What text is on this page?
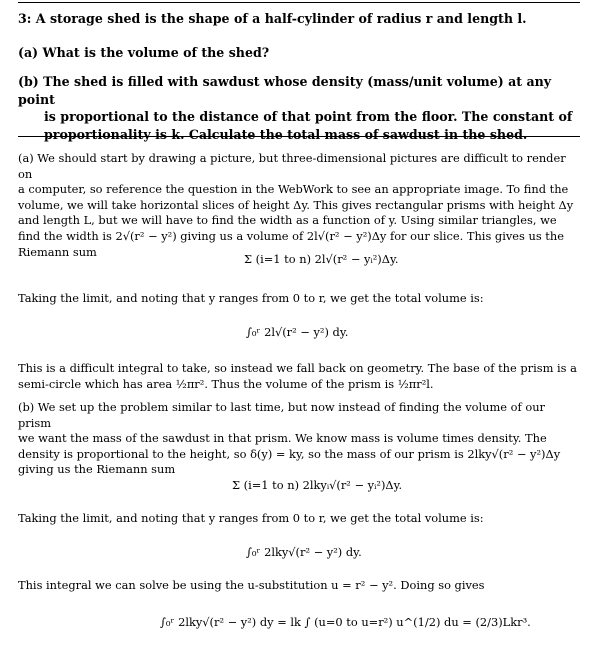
3: A storage shed is the shape of a half-cylinder of radius r and length l.
(a) What is the volume of the shed?
(b) The shed is filled with sawdust whose density (mass/unit volume) at any point
is proportional to the distance of that point from the floor. The constant of
proportionality is k. Calculate the total mass of sawdust in the shed.
(a) We should start by drawing a picture, but three-dimensional pictures are difficult to render on
a computer, so reference the question in the WebWork to see an appropriate image. To find the
volume, we will take horizontal slices of height Δy. This gives rectangular prisms with height Δy
and length L, but we will have to find the width as a function of y. Using similar triangles, we
find the width is 2√(r² − y²) giving us a volume of 2l√(r² − y²)Δy for our slice. This gives us the
Riemann sum
Σ (i=1 to n) 2l√(r² − yᵢ²)Δy.
Taking the limit, and noting that y ranges from 0 to r, we get the total volume is:
∫₀ʳ 2l√(r² − y²) dy.
This is a difficult integral to take, so instead we fall back on geometry. The base of the prism is a
semi-circle which has area ½πr². Thus the volume of the prism is ½πr²l.
(b) We set up the problem similar to last time, but now instead of finding the volume of our prism
we want the mass of the sawdust in that prism. We know mass is volume times density. The
density is proportional to the height, so δ(y) = ky, so the mass of our prism is 2lky√(r² − y²)Δy
giving us the Riemann sum
Σ (i=1 to n) 2lkyᵢ√(r² − yᵢ²)Δy.
Taking the limit, and noting that y ranges from 0 to r, we get the total volume is:
∫₀ʳ 2lky√(r² − y²) dy.
This integral we can solve be using the u-substitution u = r² − y². Doing so gives
∫₀ʳ 2lky√(r² − y²) dy = lk ∫ (u=0 to u=r²) u^(1/2) du = (2/3)Lkr³.
